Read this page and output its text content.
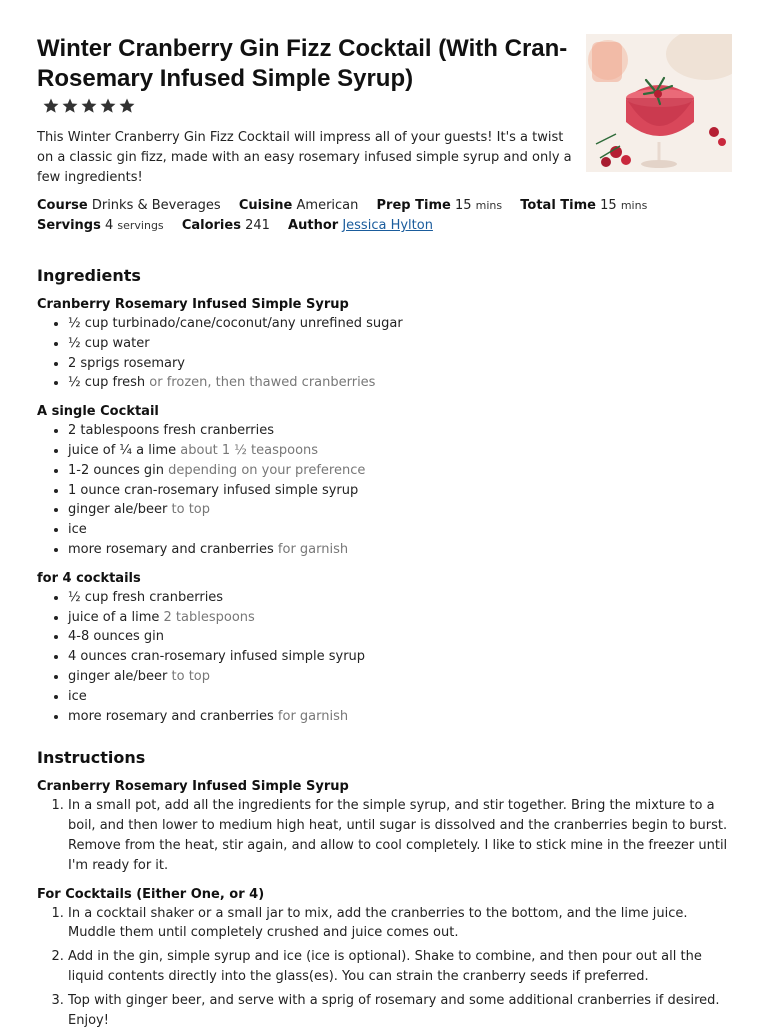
Winter Cranberry Gin Fizz Cocktail (With Cran-Rosemary Infused Simple Syrup)

This Winter Cranberry Gin Fizz Cocktail will impress all of your guests! It's a twist on a classic gin fizz, made with an easy rosemary infused simple syrup and only a few ingredients!

Course Drinks & Beverages Cuisine American Prep Time 15 mins Total Time 15 mins
Servings 4 servings Calories 241 Author Jessica Hylton
Ingredients
Cranberry Rosemary Infused Simple Syrup
• ½ cup turbinado/cane/coconut/any unrefined sugar
• ½ cup water
• 2 sprigs rosemary
• ½ cup fresh or frozen, then thawed cranberries
A single Cocktail
• 2 tablespoons fresh cranberries
• juice of ¼ a lime about 1 ½ teaspoons
• 1-2 ounces gin depending on your preference
• 1 ounce cran-rosemary infused simple syrup
• ginger ale/beer to top
• ice
• more rosemary and cranberries for garnish
for 4 cocktails
• ½ cup fresh cranberries
• juice of a lime 2 tablespoons
• 4-8 ounces gin
• 4 ounces cran-rosemary infused simple syrup
• ginger ale/beer to top
• ice
• more rosemary and cranberries for garnish
Instructions
Cranberry Rosemary Infused Simple Syrup
1. In a small pot, add all the ingredients for the simple syrup, and stir together. Bring the mixture to a boil, and then lower to medium high heat, until sugar is dissolved and the cranberries begin to burst. Remove from the heat, stir again, and allow to cool completely. I like to stick mine in the freezer until I'm ready for it.
For Cocktails (Either One, or 4)
1. In a cocktail shaker or a small jar to mix, add the cranberries to the bottom, and the lime juice. Muddle them until completely crushed and juice comes out.
2. Add in the gin, simple syrup and ice (ice is optional). Shake to combine, and then pour out all the liquid contents directly into the glass(es). You can strain the cranberry seeds if preferred.
3. Top with ginger beer, and serve with a sprig of rosemary and some additional cranberries if desired. Enjoy!
